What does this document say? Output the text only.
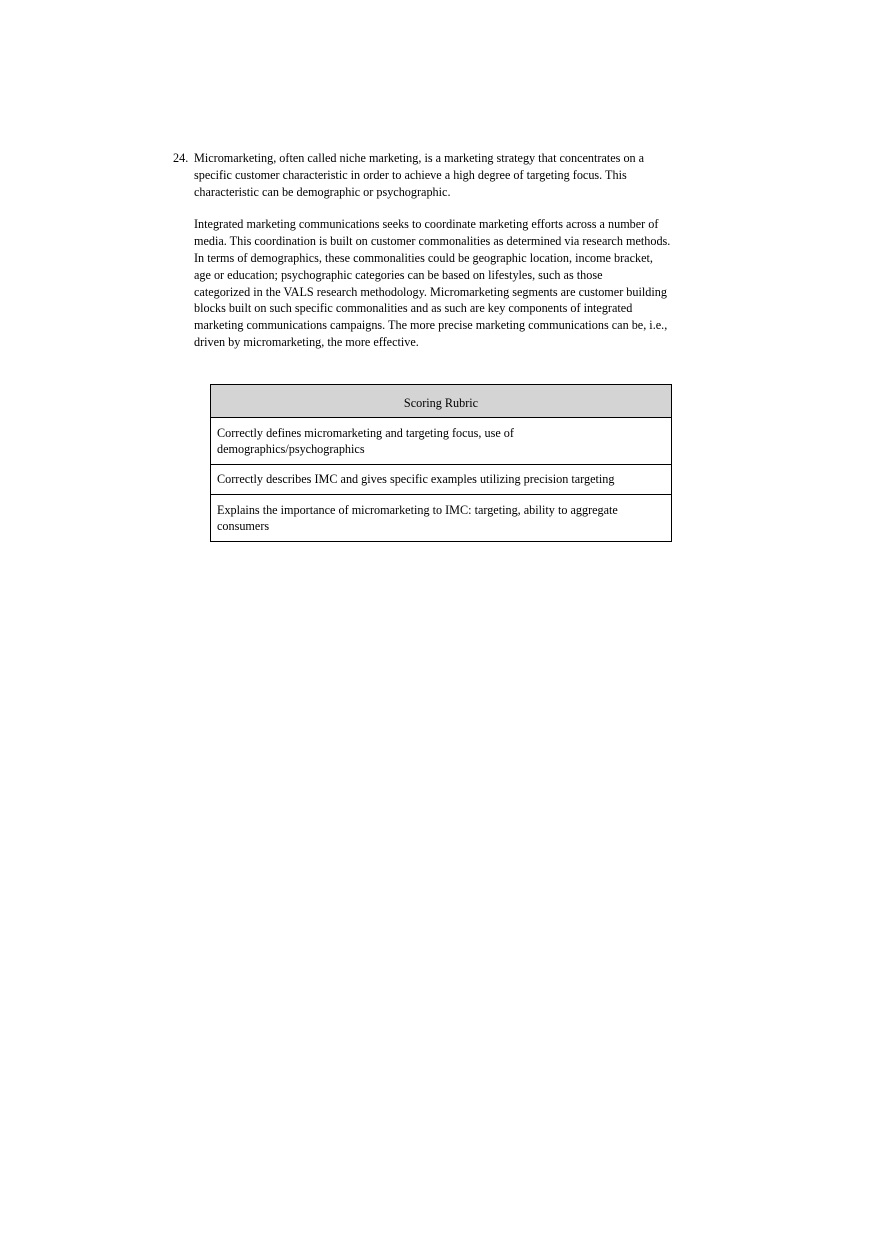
24. Micromarketing, often called niche marketing, is a marketing strategy that concentrates on a
specific customer characteristic in order to achieve a high degree of targeting focus. This
characteristic can be demographic or psychographic.

Integrated marketing communications seeks to coordinate marketing efforts across a number of
media. This coordination is built on customer commonalities as determined via research methods.
In terms of demographics, these commonalities could be geographic location, income bracket,
age or education; psychographic categories can be based on lifestyles, such as those
categorized in the VALS research methodology. Micromarketing segments are customer building
blocks built on such specific commonalities and as such are key components of integrated
marketing communications campaigns. The more precise marketing communications can be, i.e.,
driven by micromarketing, the more effective.

Scoring Rubric
Correctly defines micromarketing and targeting focus, use of
demographics/psychographics
Correctly describes IMC and gives specific examples utilizing precision targeting
Explains the importance of micromarketing to IMC: targeting, ability to aggregate
consumers
